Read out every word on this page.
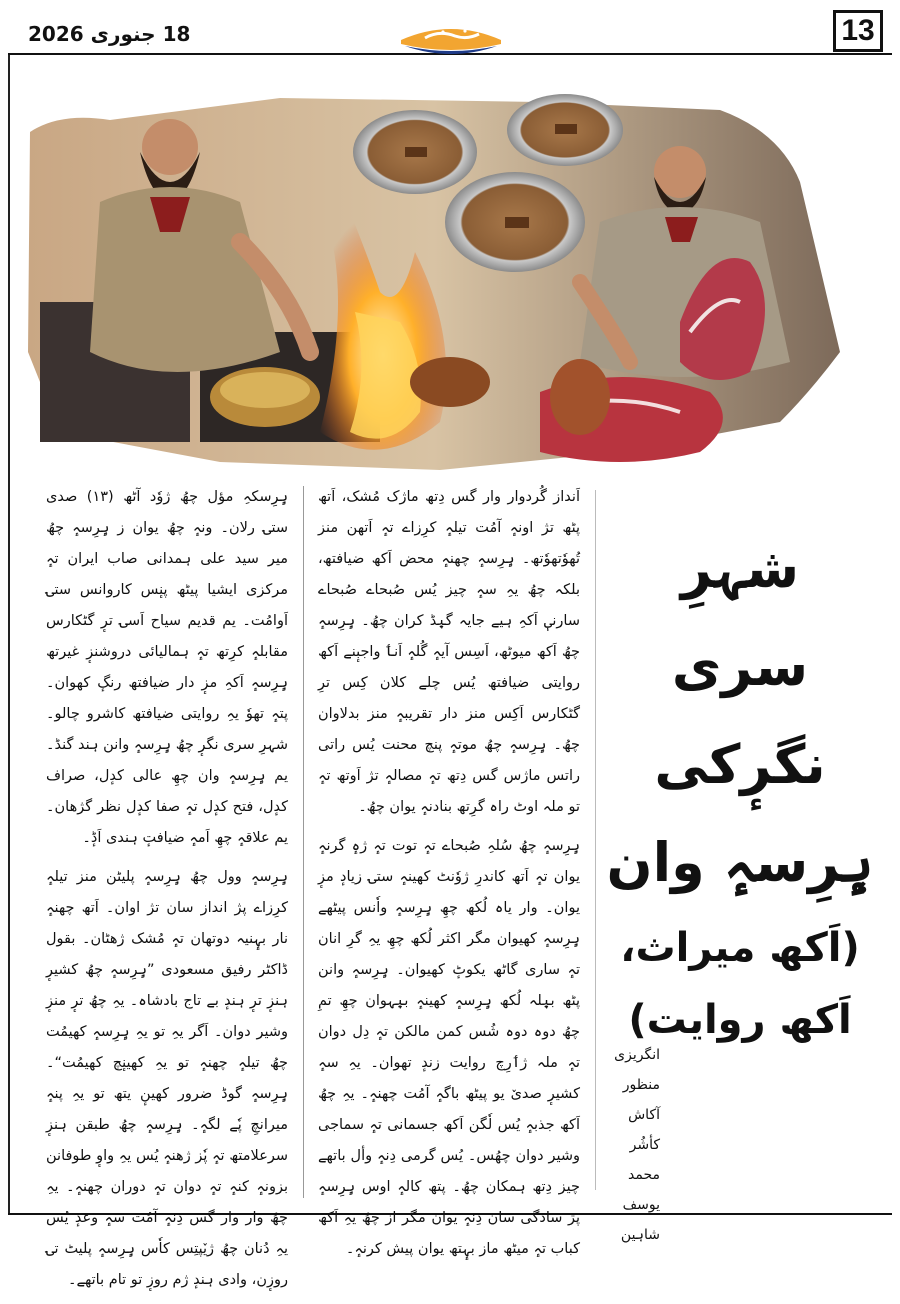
18 جنوری 2026	13

ہٕرِسکہِ مؤل چھُ ژوٗد آٹھ (۱۳) صدی ستۍ رلان۔ ونہٕ چھُ یوان ز ہٕرِسہٕ چھُ میر سید علی ہمدانی صاب ایران تہٕ مرکزی ایشیا پیٹھ پنٕس کاروانس ستۍ اَوامُت۔ یم قدیم سیاح اَسۍ ترٕ گٹکارس مقابلہٕ کرِتھ تہٕ ہمالیائی دروشنزٕ غیرتھ ہٕرِسہٕ اَکہِ مزٕ دار ضیافتھ رنگٕ کھوان۔ پتہٕ تھوٗ یہِ روایتی ضیافتھ کاشرو چالو۔ شہرِ سری نگرٕ چھُ ہٕرِسہٕ وانن ہند گنڈ۔ یم ہٕرِسہٕ وان چھِ عالی کدٕل، صراف کدٕل، فتح کدٕل تہٕ صفا کدٕل نظر گژھان۔ یم علاقہٕ چھِ اَمہٕ ضیافتٕ ہندی اَڈٕ۔

ہٕرِسہٕ وول چھُ ہٕرِسہٕ پلیٹن منز تیلہٕ کرِزاے پژ انداز سان تژ اوان۔ اَتھ چھنہٕ نار بہٕنیہ دوتھان تہٕ مُشک ژھٹان۔ بقول ڈاکٹر رفیق مسعودی ”ہٕرِسہٕ چھُ کشیرٕ ہنزٕ ترٕ ہندٕ بے تاج بادشاہ۔ یہِ چھُ ترٕ منزٕ وشیر دوان۔ اَگر یہِ تو یہِ ہٕرِسہٕ کھیمُت چھُ تیلہٕ چھنہٕ تو یہِ کھینٕچ کھیمُت“۔ ہٕرِسہٕ گوڈ ضرور کھینٕ یتھ تو یہِ پنہٕ میرانچِ پٗے لگہٕ۔ ہٕرِسہٕ چھُ طبقن ہنزٕ سرعلامتھ تہٕ پٗز ژھنہٕ یُس یہِ واوٕ طوفانن بزونہٕ کنہٕ تہٕ دوان تہٕ دوران چھنہٕ۔ یہِ چھُ وار وار گس دِنہٕ آمُت سہٕ وعدٕ یُس یہِ دُنان چھُ ژیٚپتِس کاٗس ہٕرِسہٕ پلیٹ تۍ روزٕن، وادی ہندٕ ژم روزٕ تو تام باتھے۔

اَنداز گُردوار وار گس دِتھ ماژک مُشک، اَتھ پٹھ تژ اونہٕ آمُت تیلہٕ کرِزاے تہٕ اَتھن منز تُھوٗتھوٗتھ۔ ہٕرِسہٕ چھنہٕ محض اَکھ ضیافتھ، بلکہ چھُ یہِ سہٕ چیز یُس صُبحاے صُبحاے سارنیٖ اَکہِ ہیے جایہ گیٖڈ کران چھُ۔ ہٕرِسہٕ چھُ اَکھ میوٹھ، اَسِس آیہٕ گُلہٕ اَنٲ واجبٕنے اَکھ روایتی ضیافتھ یُس چلے کلان کِس ترِ گٹکارس اَکِس منز دار تقریبہٕ منز بدلاوان چھُ۔ ہٕرِسہٕ چھُ موتہٕ پنچ محنت یُس راتی راتس ماژس گس دِتھ تہٕ مصالہٕ تژ اَوتھ تہٕ تو ملہ اوٹ راہ گرِتھ بنادنہٕ یوان چھُ۔

ہٕرِسہٕ چھُ سُلہِ صُبحاے تہٕ توت تہٕ ژہٕ گرنہٕ یوان تہٕ اَتھ کاندرِ ژوٗنٹ کھینہٕ ستۍ زیادٕ مزٕ یوان۔ وار یاہ لُکھ چھِ ہٕرِسہٕ واٗنس پیٹھے ہٕرِسہٕ کھیوان مگر اکثر لُکھ چھِ یہِ گرِ انان تہٕ ساری گاٹھ یکوٹٕ کھیوان۔ ہٕرِسہٕ وانن پٹھ بیٖلہ لُکھ ہٕرِسہٕ کھینہٕ بیٖہوان چھِ تمِ چھُ دوہ دوہ شُس کمن مالکن تہٕ دِل دوان تہٕ ملہ ژٲرِچ روایت زندٕ تھوان۔ یہِ سہٕ کشیرٕ صدیٚ یو پیٹھ باگہٕ آمُت چھنہٕ۔ یہِ چھُ اَکھ جذبہٕ یُس لٗگن اَکھ جسمانی تہٕ سماجی وشیر دوان چھُس۔ یُس گرمی دِنہٕ وأل باتھے چیز دِتھ ہمکان چھُ۔ پتھ کالہٕ اوس ہٕرِسہٕ پژ سادگی سان دِنہٕ یوان مگر از چھُ یہِ اَکھ کباب تہٕ میٹھ ماز بہٕتھ یوان پیش کرنہٕ۔

شہرِ
سری نگرٕکی
ہٕرِسہٕ وان
(اَکھ میراث،
اَکھ روایت)
انگریزی
منظور آکاش
کأشُر
محمد یوسف شاہین
